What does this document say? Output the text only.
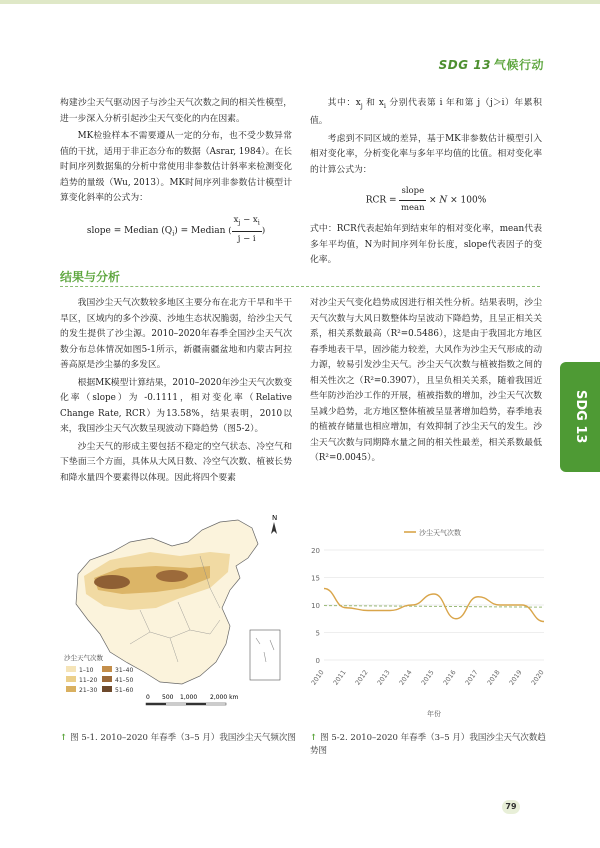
SDG 13 气候行动

构建沙尘天气驱动因子与沙尘天气次数之间的相关性模型，进一步深入分析引起沙尘天气变化的内在因素。

MK检验样本不需要遵从一定的分布，也不受少数异常值的干扰，适用于非正态分布的数据（Asrar, 1984）。在长时间序列数据集的分析中常使用非参数估计斜率来检测变化趋势的量级（Wu, 2013）。MK时间序列非参数估计模型计算变化斜率的公式为：

slope = Median $(Q_i)$ = Median ( $\frac{x_j - x_i}{j - i}$ )

其中：$x_j$ 和 $x_i$ 分别代表第 i 年和第 j（j＞i）年累积值。

考虑到不同区域的差异，基于MK非参数估计模型引入相对变化率，分析变化率与多年平均值的比值。相对变化率的计算公式为：

RCR =
slope
mean
× N × 100%

式中：RCR代表起始年到结束年的相对变化率，mean代表多年平均值，N为时间序列年份长度，slope代表因子的变化率。

结果与分析
SDG 13

我国沙尘天气次数较多地区主要分布在北方干旱和半干旱区，区域内的多个沙漠、沙地生态状况脆弱，给沙尘天气的发生提供了沙尘源。2010–2020年春季全国沙尘天气次数分布总体情况如图5-1所示，新疆南疆盆地和内蒙古阿拉善高原是沙尘暴的多发区。

根据MK模型计算结果，2010–2020年沙尘天气次数变化率（slope）为 -0.1111，相对变化率（Relative Change Rate, RCR）为13.58%，结果表明，2010以来，我国沙尘天气次数呈现波动下降趋势（图5-2）。

沙尘天气的形成主要包括不稳定的空气状态、冷空气和下垫面三个方面，具体从大风日数、冷空气次数、植被长势和降水量四个要素得以体现。因此将四个要素

对沙尘天气变化趋势成因进行相关性分析。结果表明，沙尘天气次数与大风日数整体均呈波动下降趋势，且呈正相关关系，相关系数最高（R²=0.5486），这是由于我国北方地区春季地表干旱，固沙能力较差，大风作为沙尘天气形成的动力源，较易引发沙尘天气。沙尘天气次数与植被指数之间的相关性次之（R²=0.3907），且呈负相关关系，随着我国近些年防沙治沙工作的开展，植被指数的增加，沙尘天气次数呈减少趋势，北方地区整体植被呈显著增加趋势，春季地表的植被存储量也相应增加，有效抑制了沙尘天气的发生。沙尘天气次数与同期降水量之间的相关性最差，相关系数最低（R²=0.0045）。

N
沙尘天气次数
1–10
11–20
21–30
31–40
41–50
51–60
0 500 1,000 2,000 km
0
5
10
15
20
2010 2011 2012 2013 2014 2015 2016 2017 2018 2019 2020
沙尘天气次数
年份
↑ 图 5-1. 2010–2020 年春季（3–5 月）我国沙尘天气频次图	↑ 图 5-2. 2010–2020 年春季（3–5 月）我国沙尘天气次数趋势图
79
